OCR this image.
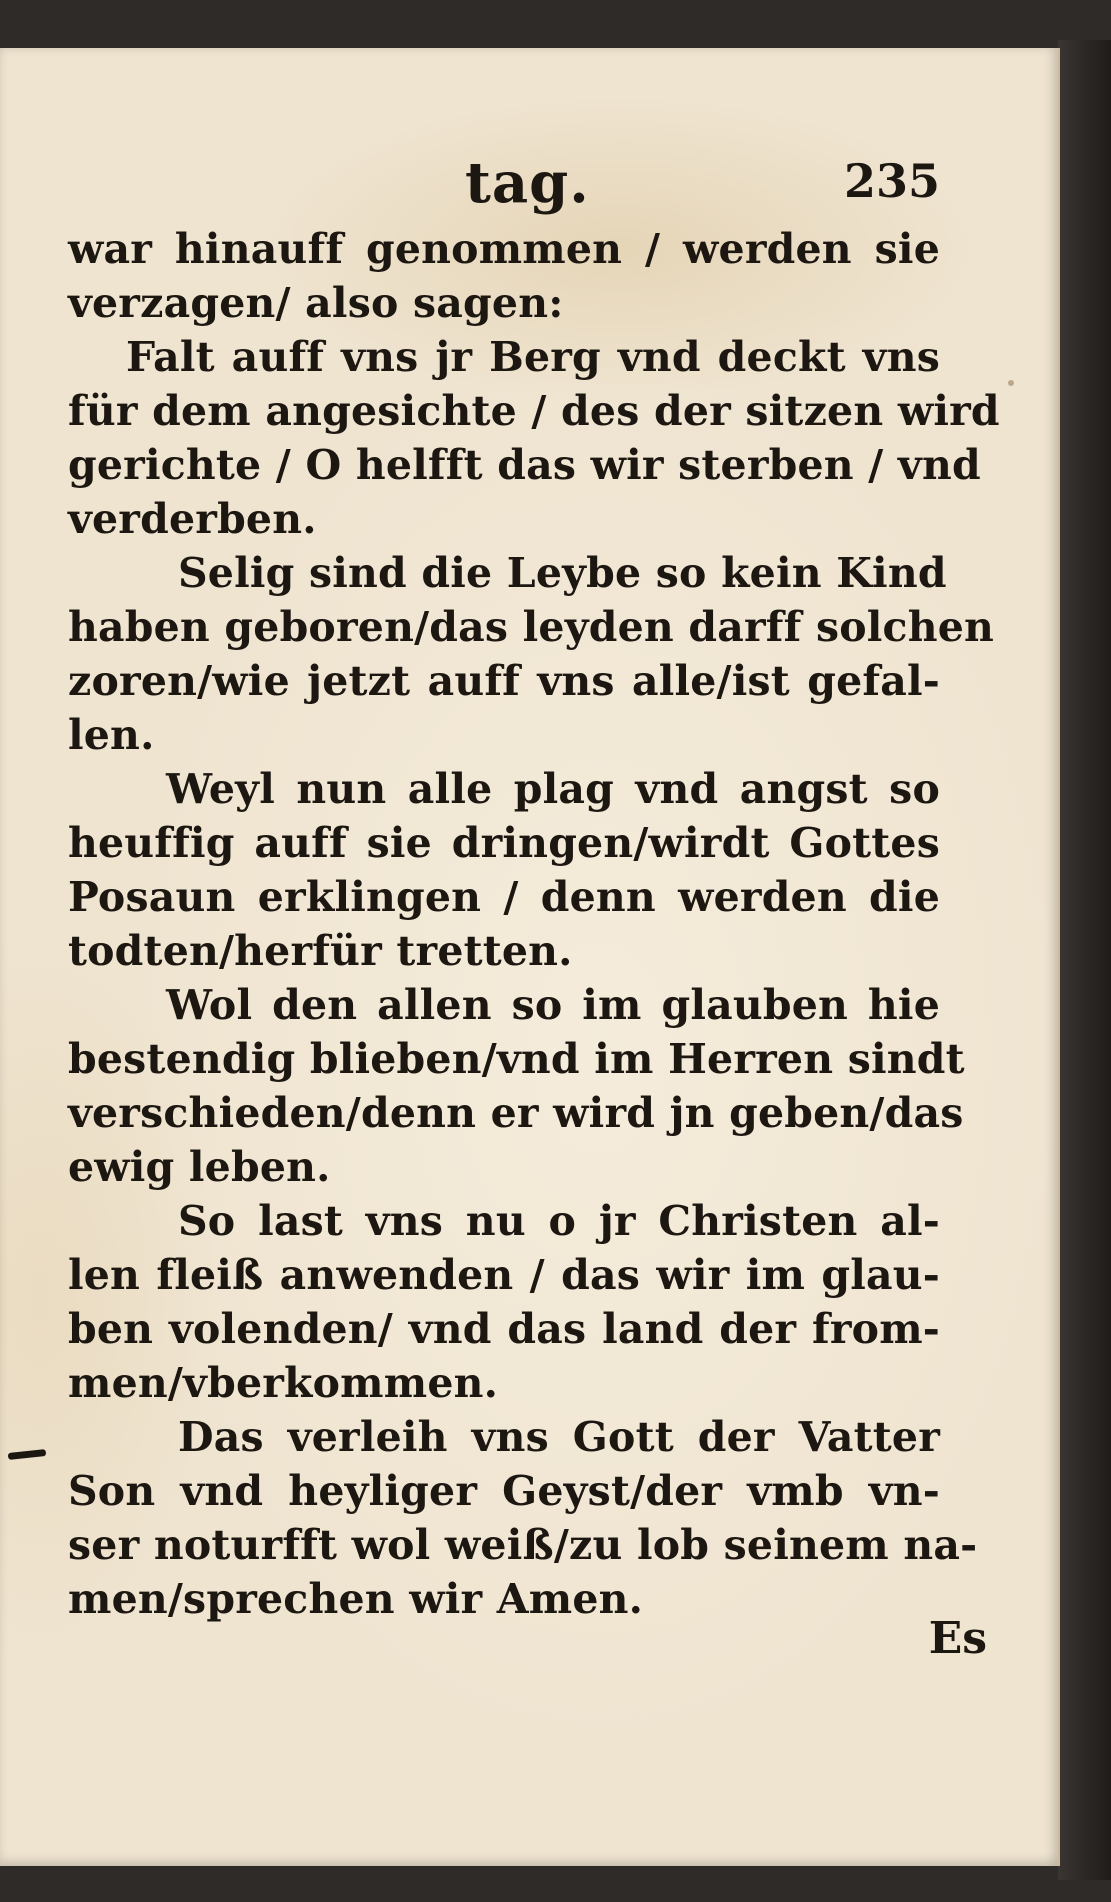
tag.	235
war hinauff genommen / werden sie
verzagen/ also sagen:
Falt auff vns jr Berg vnd deckt vns
für dem angesichte / des der sitzen wird
gerichte / O helfft das wir sterben / vnd
verderben.
Selig sind die Leybe so kein Kind
haben geboren/das leyden darff solchen
zoren/wie jetzt auff vns alle/ist gefal-
len.
Weyl nun alle plag vnd angst so
heuffig auff sie dringen/wirdt Gottes
Posaun erklingen / denn werden die
todten/herfür tretten.
Wol den allen so im glauben hie
bestendig blieben/vnd im Herren sindt
verschieden/denn er wird jn geben/das
ewig leben.
So last vns nu o jr Christen al-
len fleiß anwenden / das wir im glau-
ben volenden/ vnd das land der from-
men/vberkommen.
Das verleih vns Gott der Vatter
Son vnd heyliger Geyst/der vmb vn-
ser noturfft wol weiß/zu lob seinem na-
men/sprechen wir Amen.
Es
